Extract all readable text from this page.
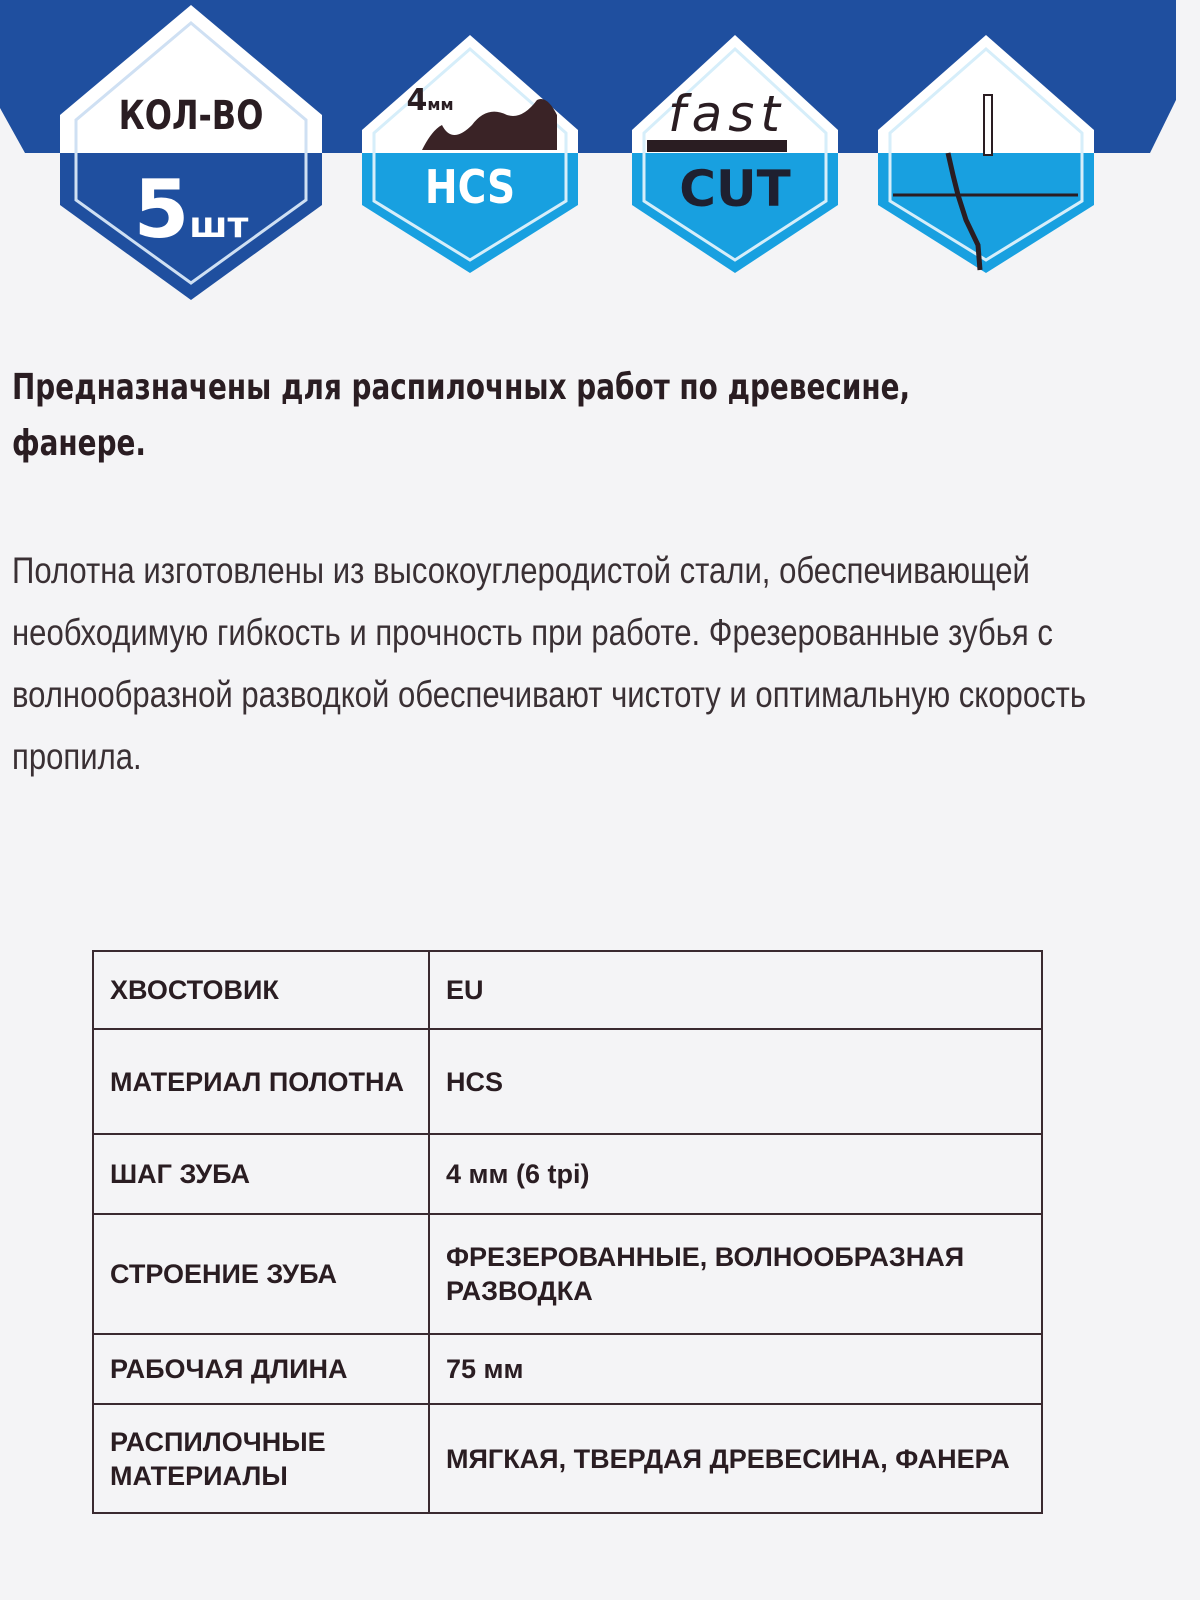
КОЛ-ВО
5шт
4мм
HCS
fast
CUT
Предназначены для распилочных работ по древесине, фанере.
Полотна изготовлены из высокоуглеродистой стали, обеспечивающей необходимую гибкость и прочность при работе. Фрезерованные зубья с волнообразной разводкой обеспечивают чистоту и оптимальную скорость пропила.
ХВОСТОВИК	EU
МАТЕРИАЛ ПОЛОТНА	HCS
ШАГ ЗУБА	4 мм (6 tpi)
СТРОЕНИЕ ЗУБА	ФРЕЗЕРОВАННЫЕ, ВОЛНООБРАЗНАЯ РАЗВОДКА
РАБОЧАЯ ДЛИНА	75 мм
РАСПИЛОЧНЫЕ МАТЕРИАЛЫ	МЯГКАЯ, ТВЕРДАЯ ДРЕВЕСИНА, ФАНЕРА
